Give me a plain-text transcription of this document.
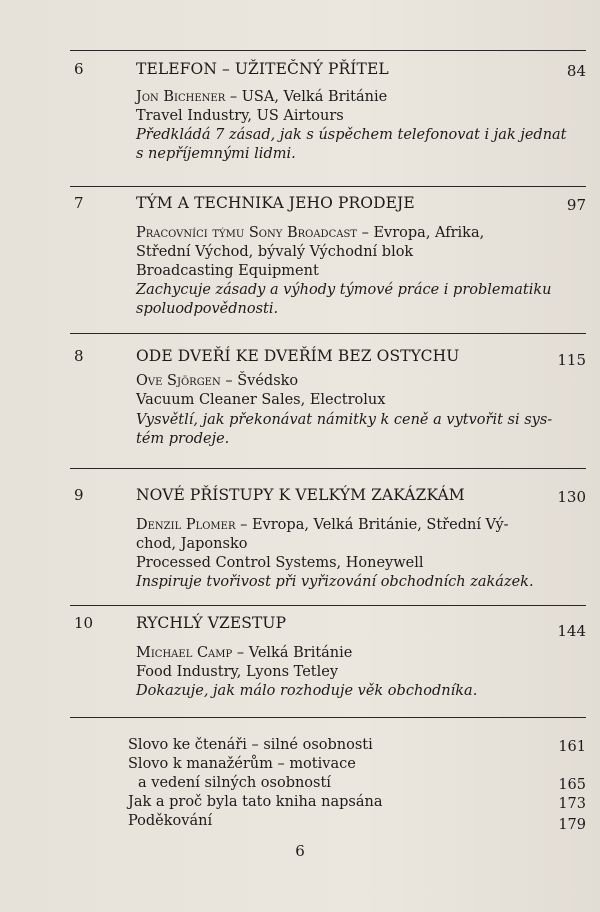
6	TELEFON – UŽITEČNÝ PŘÍTEL	84
Jon Bichener – USA, Velká Británie
Travel Industry, US Airtours
Předkládá 7 zásad, jak s úspěchem telefonovat i jak jednat
s nepříjemnými lidmi.
7	TÝM A TECHNIKA JEHO PRODEJE	97
Pracovníci týmu Sony Broadcast – Evropa, Afrika,
Střední Východ, bývalý Východní blok
Broadcasting Equipment
Zachycuje zásady a výhody týmové práce i problematiku
spoluodpovědnosti.
8	ODE DVEŘÍ KE DVEŘÍM BEZ OSTYCHU	115
Ove Sjörgen – Švédsko
Vacuum Cleaner Sales, Electrolux
Vysvětlí, jak překonávat námitky k ceně a vytvořit si sys-
tém prodeje.
9	NOVÉ PŘÍSTUPY K VELKÝM ZAKÁZKÁM	130
Denzil Plomer – Evropa, Velká Británie, Střední Vý-
chod, Japonsko
Processed Control Systems, Honeywell
Inspiruje tvořivost při vyřizování obchodních zakázek.
10	RYCHLÝ VZESTUP	144
Michael Camp – Velká Británie
Food Industry, Lyons Tetley
Dokazuje, jak málo rozhoduje věk obchodníka.
Slovo ke čtenáři – silné osobnosti	161
Slovo k manažérům – motivace
a vedení silných osobností	165
Jak a proč byla tato kniha napsána	173
Poděkování	179
6
